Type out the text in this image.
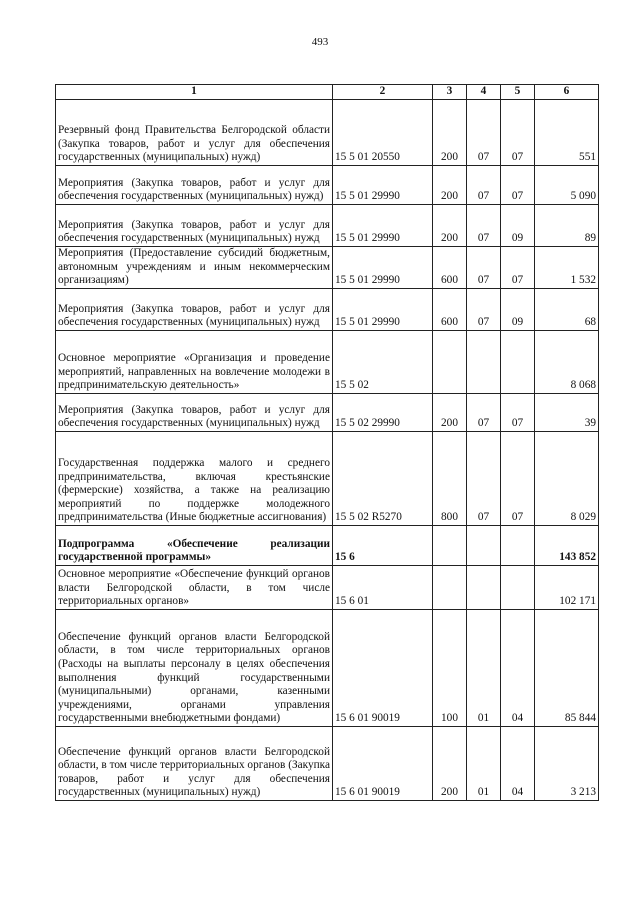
493
1	2	3	4	5	6
Резервный фонд Правительства Белгородской области (Закупка товаров, работ и услуг для обеспечения государственных (муниципальных) нужд)	15 5 01 20550	200	07	07	551
Мероприятия (Закупка товаров, работ и услуг для обеспечения государственных (муниципальных) нужд)	15 5 01 29990	200	07	07	5 090
Мероприятия (Закупка товаров, работ и услуг для обеспечения государственных (муниципальных) нужд	15 5 01 29990	200	07	09	89
Мероприятия (Предоставление субсидий бюджетным, автономным учреждениям и иным некоммерческим организациям)	15 5 01 29990	600	07	07	1 532
Мероприятия (Закупка товаров, работ и услуг для обеспечения государственных (муниципальных) нужд	15 5 01 29990	600	07	09	68
Основное мероприятие «Организация и проведение мероприятий, направленных на вовлечение молодежи в предпринимательскую деятельность»	15 5 02				8 068
Мероприятия (Закупка товаров, работ и услуг для обеспечения государственных (муниципальных) нужд	15 5 02 29990	200	07	07	39
Государственная поддержка малого и среднего предпринимательства, включая крестьянские (фермерские) хозяйства, а также на реализацию мероприятий по поддержке молодежного предпринимательства (Иные бюджетные ассигнования)	15 5 02 R5270	800	07	07	8 029
Подпрограмма «Обеспечение реализации государственной программы»	15 6				143 852
Основное мероприятие «Обеспечение функций органов власти Белгородской области, в том числе территориальных органов»	15 6 01				102 171
Обеспечение функций органов власти Белгородской области, в том числе территориальных органов (Расходы на выплаты персоналу в целях обеспечения выполнения функций государственными (муниципальными) органами, казенными учреждениями, органами управления государственными внебюджетными фондами)	15 6 01 90019	100	01	04	85 844
Обеспечение функций органов власти Белгородской области, в том числе территориальных органов (Закупка товаров, работ и услуг для обеспечения государственных (муниципальных) нужд)	15 6 01 90019	200	01	04	3 213
